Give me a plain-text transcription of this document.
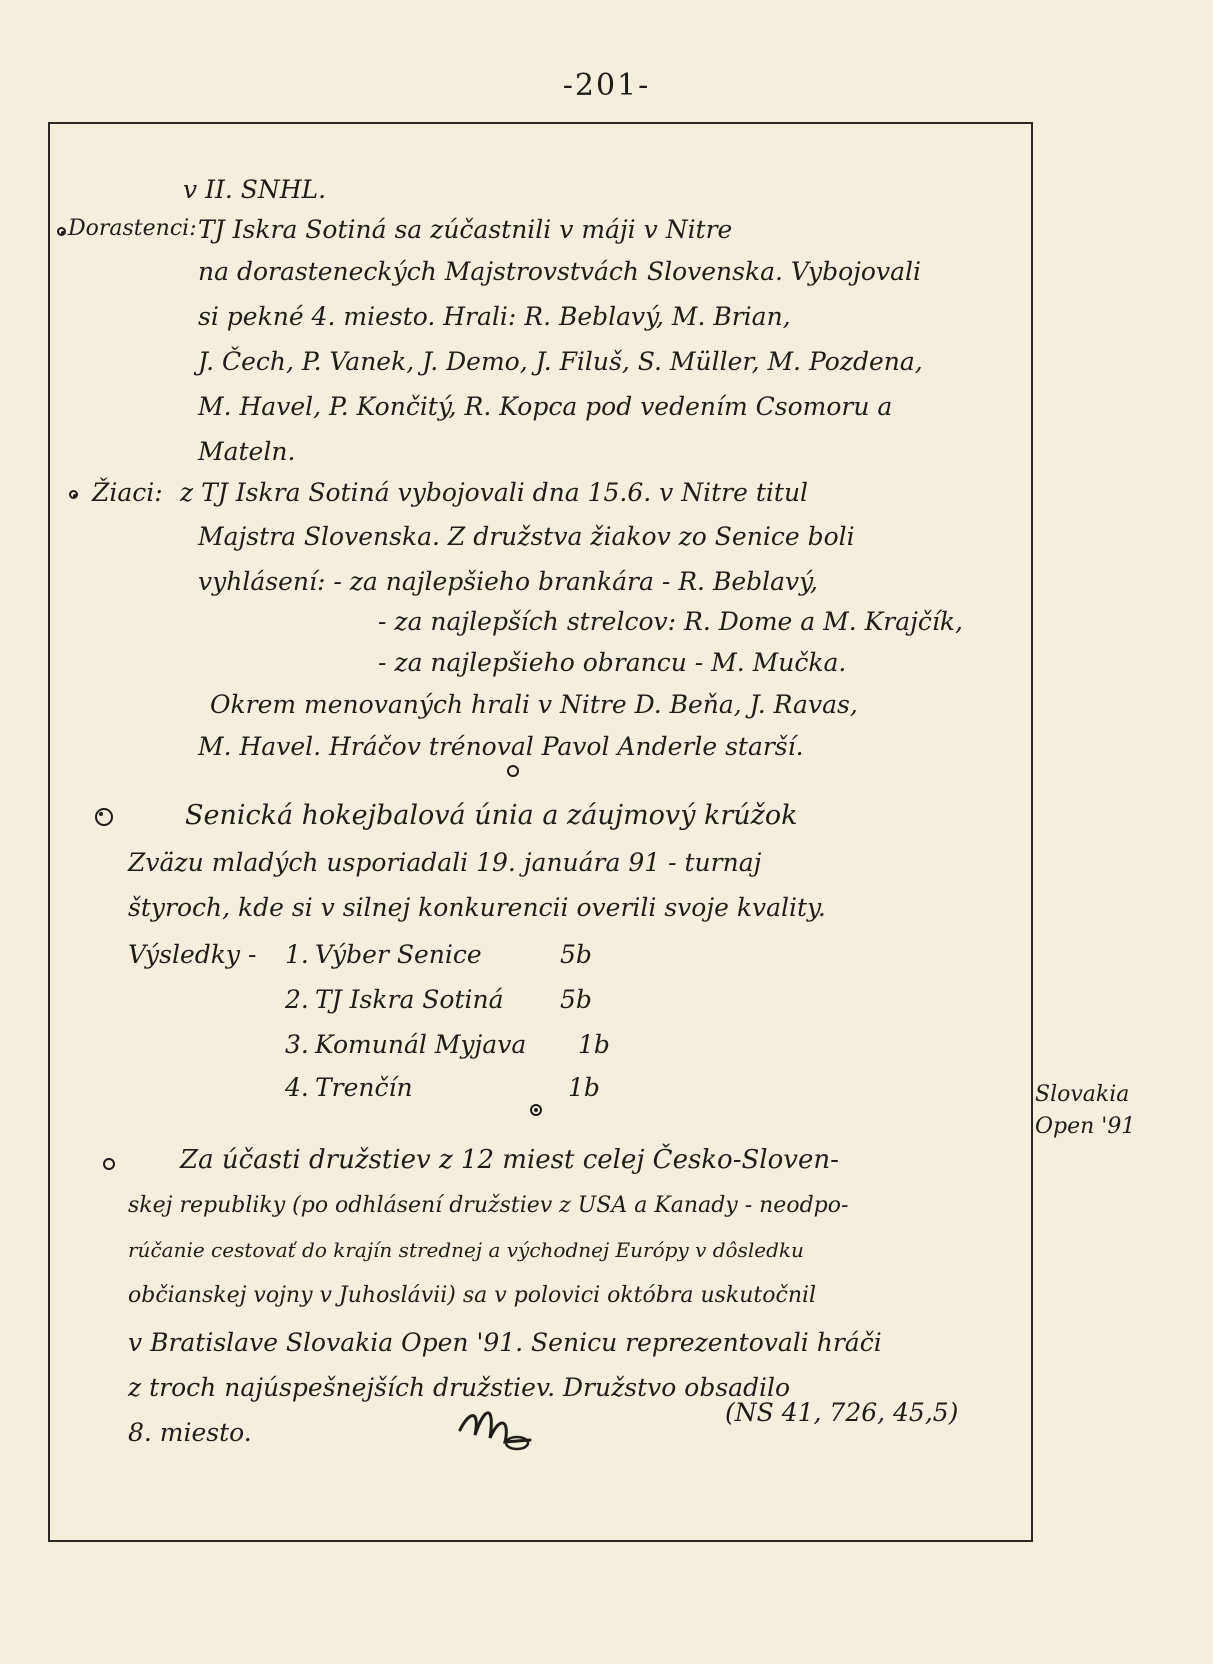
-201-
v II. SNHL.
Dorastenci: TJ Iskra Sotiná sa zúčastnili v máji v Nitre
na dorasteneckých Majstrovstvách Slovenska. Vybojovali
si pekné 4. miesto. Hrali: R. Beblavý, M. Brian,
J. Čech, P. Vanek, J. Demo, J. Filuš, S. Müller, M. Pozdena,
M. Havel, P. Končitý, R. Kopca pod vedením Csomoru a
Mateln.
Žiaci: z TJ Iskra Sotiná vybojovali dna 15.6. v Nitre titul
Majstra Slovenska. Z družstva žiakov zo Senice boli
vyhlásení: - za najlepšieho brankára - R. Beblavý,
- za najlepších strelcov: R. Dome a M. Krajčík,
- za najlepšieho obrancu - M. Mučka.
Okrem menovaných hrali v Nitre D. Beňa, J. Ravas,
M. Havel. Hráčov trénoval Pavol Anderle starší.
Senická hokejbalová únia a záujmový krúžok
Zväzu mladých usporiadali 19. januára 91 - turnaj
štyroch, kde si v silnej konkurencii overili svoje kvality.
Výsledky - 1. Výber Senice	5b
2. TJ Iskra Sotiná 5b
3. Komunál Myjava 1b
4. Trenčín	1b
Za účasti družstiev z 12 miest celej Česko-Sloven-
skej republiky (po odhlásení družstiev z USA a Kanady - neodpo-
rúčanie cestovať do krajín strednej a východnej Európy v dôsledku
občianskej vojny v Juhoslávii) sa v polovici októbra uskutočnil
v Bratislave Slovakia Open '91. Senicu reprezentovali hráči
z troch najúspešnejších družstiev. Družstvo obsadilo
8. miesto.
(NS 41, 726, 45,5)
Slovakia
Open '91
